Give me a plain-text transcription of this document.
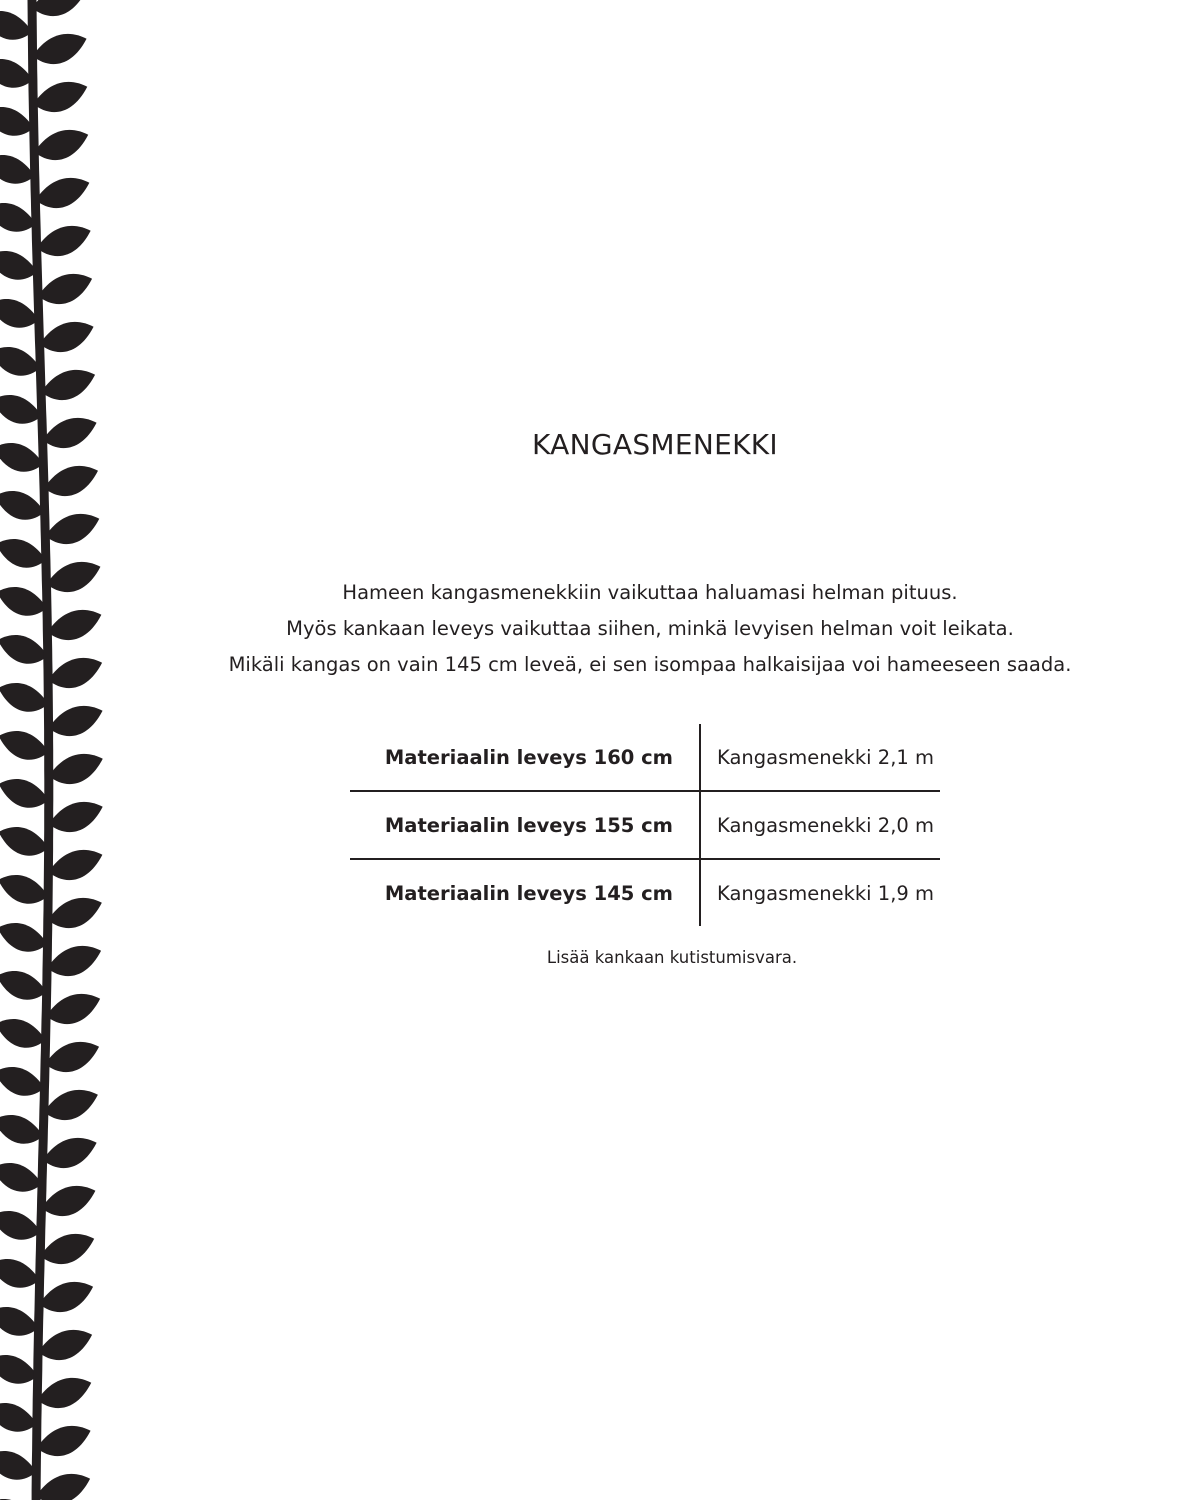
KANGASMENEKKI

Hameen kangasmenekkiin vaikuttaa haluamasi helman pituus.

Myös kankaan leveys vaikuttaa siihen, minkä levyisen helman voit leikata.

Mikäli kangas on vain 145 cm leveä, ei sen isompaa halkaisijaa voi hameeseen saada.

Materiaalin leveys 160 cm	Kangasmenekki 2,1 m
Materiaalin leveys 155 cm	Kangasmenekki 2,0 m
Materiaalin leveys 145 cm	Kangasmenekki 1,9 m

Lisää kankaan kutistumisvara.
